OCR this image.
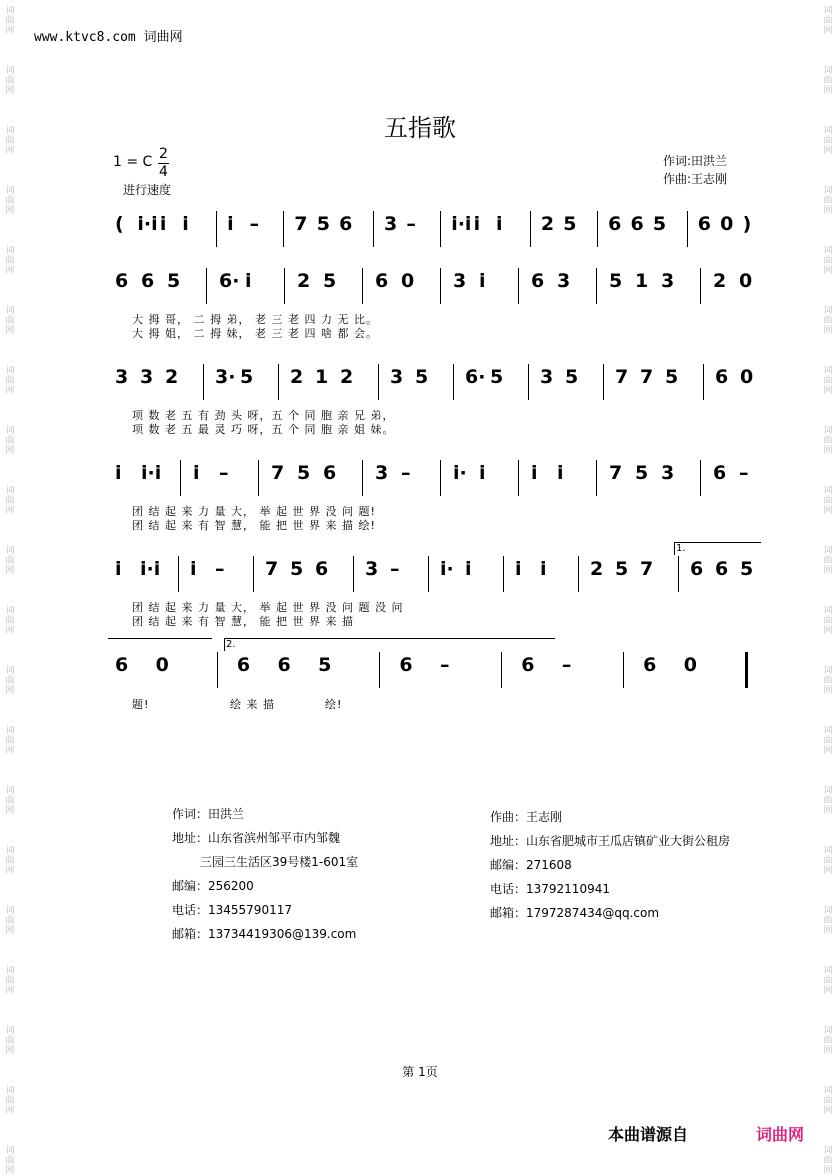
词
曲
网
词
曲
网
词
曲
网
词
曲
网
词
曲
网
词
曲
网
词
曲
网
词
曲
网
词
曲
网
词
曲
网
词
曲
网
词
曲
网
词
曲
网
词
曲
网
词
曲
网
词
曲
网
词
曲
网
词
曲
网
词
曲
网
词
曲
网
词
曲
网
词
曲
网
词
曲
网
词
曲
网
词
曲
网
词
曲
网
词
曲
网
词
曲
网
词
曲
网
词
曲
网
词
曲
网
词
曲
网
词
曲
网
词
曲
网
词
曲
网
词
曲
网
词
曲
网
词
曲
网
词
曲
网
词
曲
网
www.ktvc8.com 词曲网
五指歌
1 = C 2
4
进行速度
作词:田洪兰
作曲:王志刚
( i·i i i i – 7 5 6 3 – i·i i i 2 5 6 6 5 6 0 )
6 6 5 6· i 2 5 6 0 3 i 6 3 5 1 3 2 0
3 3 2 3· 5 2 1 2 3 5 6· 5 3 5 7 7 5 6 0
i i·i i – 7 5 6 3 – i· i i i 7 5 3 6 –
i i·i i – 7 5 6 3 – i· i i i 2 5 7 6 6 5
6 0	6 6 5	6 –	6 –	6 0
大 拇 哥， 二 拇 弟， 老 三 老 四 力 无 比。
大 拇 姐， 二 拇 妹， 老 三 老 四 啥 都 会。
项 数 老 五 有 劲 头 呀，五 个 同 胞 亲 兄 弟，
项 数 老 五 最 灵 巧 呀，五 个 同 胞 亲 姐 妹。
团 结 起 来 力 量 大， 举 起 世 界 没 问 题!
团 结 起 来 有 智 慧， 能 把 世 界 来 描 绘!
团 结 起 来 力 量 大， 举 起 世 界 没 问 题 没 问
团 结 起 来 有 智 慧， 能 把 世 界 来 描
题!	绘 来 描	绘!
1.
2.
作词：田洪兰
地址：山东省滨州邹平市内邹魏
三园三生活区39号楼1-601室
邮编：256200
电话：13455790117
邮箱：13734419306@139.com
作曲：王志刚
地址：山东省肥城市王瓜店镇矿业大街公租房
邮编：271608
电话：13792110941
邮箱：1797287434@qq.com
第 1页
本曲谱源自	词曲网
